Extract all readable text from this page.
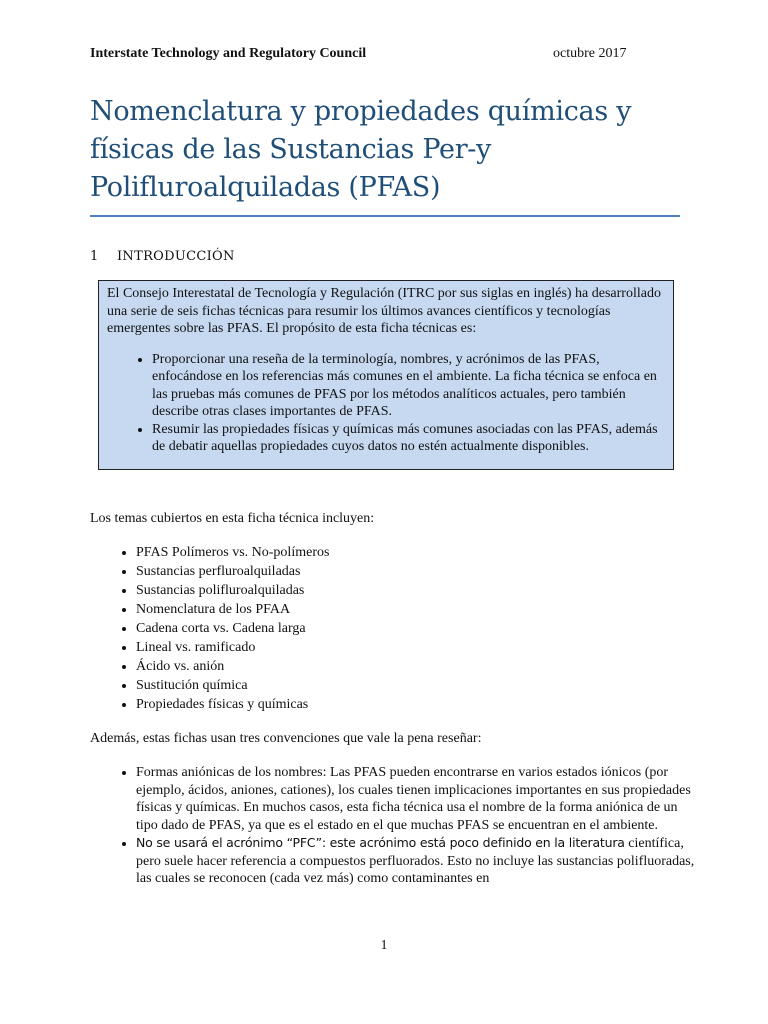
Interstate Technology and Regulatory Council	octubre 2017
Nomenclatura y propiedades químicas y físicas de las Sustancias Per-y Polifluroalquiladas (PFAS)
1 INTRODUCCIÓN

El Consejo Interestatal de Tecnología y Regulación (ITRC por sus siglas en inglés) ha desarrollado una serie de seis fichas técnicas para resumir los últimos avances científicos y tecnologías emergentes sobre las PFAS. El propósito de esta ficha técnicas es:

• Proporcionar una reseña de la terminología, nombres, y acrónimos de las PFAS, enfocándose en los referencias más comunes en el ambiente. La ficha técnica se enfoca en las pruebas más comunes de PFAS por los métodos analíticos actuales, pero también describe otras clases importantes de PFAS.
• Resumir las propiedades físicas y químicas más comunes asociadas con las PFAS, además de debatir aquellas propiedades cuyos datos no estén actualmente disponibles.

Los temas cubiertos en esta ficha técnica incluyen:

• PFAS Polímeros vs. No-polímeros
• Sustancias perfluroalquiladas
• Sustancias polifluroalquiladas
• Nomenclatura de los PFAA
• Cadena corta vs. Cadena larga
• Lineal vs. ramificado
• Ácido vs. anión
• Sustitución química
• Propiedades físicas y químicas

Además, estas fichas usan tres convenciones que vale la pena reseñar:

• Formas aniónicas de los nombres: Las PFAS pueden encontrarse en varios estados iónicos (por ejemplo, ácidos, aniones, cationes), los cuales tienen implicaciones importantes en sus propiedades físicas y químicas. En muchos casos, esta ficha técnica usa el nombre de la forma aniónica de un tipo dado de PFAS, ya que es el estado en el que muchas PFAS se encuentran en el ambiente.
• No se usará el acrónimo “PFC”: este acrónimo está poco definido en la literatura científica, pero suele hacer referencia a compuestos perfluorados. Esto no incluye las sustancias polifluoradas, las cuales se reconocen (cada vez más) como contaminantes en
1
